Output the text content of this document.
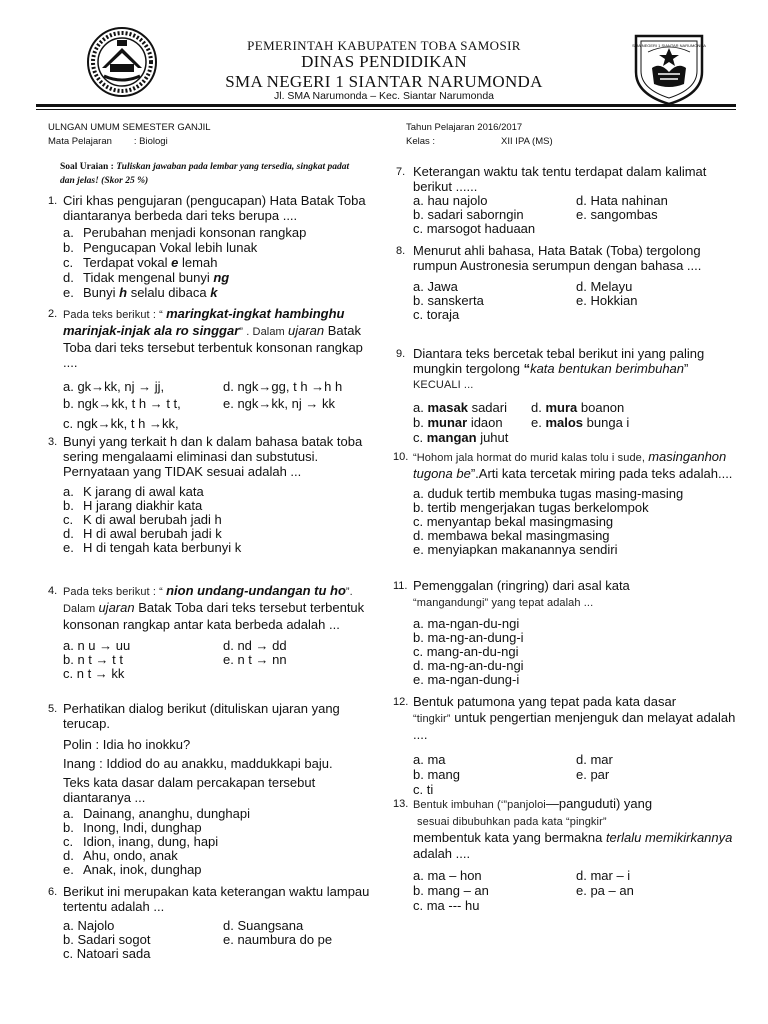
SMA NEGERI 1 SIANTAR NARUMONDA
PEMERINTAH KABUPATEN TOBA SAMOSIR
DINAS PENDIDIKAN
SMA NEGERI 1 SIANTAR NARUMONDA
Jl. SMA Narumonda – Kec. Siantar Narumonda
ULNGAN UMUM SEMESTER GANJIL
Mata Pelajaran : Biologi
Tahun Pelajaran 2016/2017
Kelas :	XII IPA (MS)
Soal Uraian : Tuliskan jawaban pada lembar yang tersedia, singkat padat dan jelas! (Skor 25 %)
1. Ciri khas pengujaran (pengucapan) Hata Batak Toba diantaranya berbeda dari teks berupa ....

a. Perubahan menjadi konsonan rangkap
b. Pengucapan Vokal lebih lunak
c. Terdapat vokal e lemah
d. Tidak mengenal bunyi ng
e. Bunyi h selalu dibaca k
2. Pada teks berikut : “ maringkat-ingkat hambinghu marinjak-injak ala ro singgar” . Dalam ujaran Batak Toba dari teks tersebut terbentuk konsonan rangkap ....

a. gk→kk, nj → jj,	d. ngk→gg, t h →h h
b. ngk→kk, t h → t t,	e. ngk→kk, nj → kk
c. ngk→kk, t h →kk,
3. Bunyi yang terkait h dan k dalam bahasa batak toba sering mengalaami eliminasi dan substutusi. Pernyataan yang TIDAK sesuai adalah ...

a. K jarang di awal kata
b. H jarang diakhir kata
c. K di awal berubah jadi h
d. H di awal berubah jadi k
e. H di tengah kata berbunyi k
4. Pada teks berikut : “ nion undang-undangan tu ho”. Dalam ujaran Batak Toba dari teks tersebut terbentuk konsonan rangkap antar kata berbeda adalah ...

a. n u → uu	d. nd → dd
b. n t → t t	e. n t → nn
c. n t → kk
5. Perhatikan dialog berikut (dituliskan ujaran yang terucap.

Polin : Idia ho inokku?

Inang : Iddiod do au anakku, maddukkapi baju.

Teks kata dasar dalam percakapan tersebut diantaranya ...

a. Dainang, ananghu, dunghapi
b. Inong, Indi, dunghap
c. Idion, inang, dung, hapi
d. Ahu, ondo, anak
e. Anak, inok, dunghap
6. Berikut ini merupakan kata keterangan waktu lampau tertentu adalah ...

a. Najolo	d. Suangsana
b. Sadari sogot	e. naumbura do pe
c. Natoari sada
7. Keterangan waktu tak tentu terdapat dalam kalimat berikut ......

a. hau najolo	d. Hata nahinan
b. sadari saborngin	e. sangombas
c. marsogot haduaan
8. Menurut ahli bahasa, Hata Batak (Toba) tergolong rumpun Austronesia serumpun dengan bahasa ....

a. Jawa	d. Melayu
b. sanskerta	e. Hokkian
c. toraja
9. Diantara teks bercetak tebal berikut ini yang paling mungkin tergolong “kata bentukan berimbuhan” KECUALI ...

a. masak sadari	d. mura boanon
b. munar idaon	e. malos bunga i
c. mangan juhut
10. “Hohom jala hormat do murid kalas tolu i sude, masinganhon tugona be”.Arti kata tercetak miring pada teks adalah....

a. duduk tertib membuka tugas masing-masing
b. tertib mengerjakan tugas berkelompok
c. menyantap bekal masingmasing
d. membawa bekal masingmasing
e. menyiapkan makanannya sendiri
11. Pemenggalan (ringring) dari asal kata
“mangandungi” yang tepat adalah ...

a. ma-ngan-du-ngi
b. ma-ng-an-dung-i
c. mang-an-du-ngi
d. ma-ng-an-du-ngi
e. ma-ngan-dung-i
12. Bentuk patumona yang tepat pada kata dasar
“tingkir” untuk pengertian menjenguk dan melayat adalah ....

a. ma	d. mar
b. mang	e. par
c. ti
13. Bentuk imbuhan (‘”panjoloi—panguduti) yang
sesuai dibubuhkan pada kata “pingkir”
membentuk kata yang bermakna terlalu memikirkannya adalah ....

a. ma – hon	d. mar – i
b. mang – an	e. pa – an
c. ma --- hu
